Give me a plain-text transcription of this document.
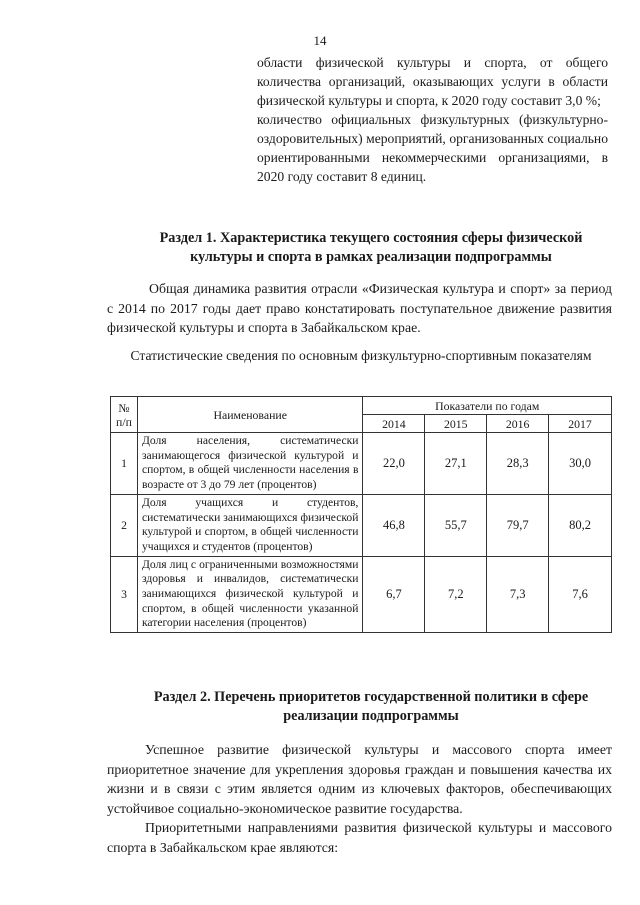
14

области физической культуры и спорта, от общего количества организаций, оказывающих услуги в области физической культуры и спорта, к 2020 году составит 3,0 %;

количество официальных физкультурных (физкультурно-оздоровительных) мероприятий, организованных социально ориентированными некоммерческими организациями, в 2020 году составит 8 единиц.

Раздел 1. Характеристика текущего состояния сферы физической культуры и спорта в рамках реализации подпрограммы
Общая динамика развития отрасли «Физическая культура и спорт» за период с 2014 по 2017 годы дает право констатировать поступательное движение развития физической культуры и спорта в Забайкальском крае.
Статистические сведения по основным физкультурно-спортивным показателям
№ п/п	Наименование	Показатели по годам			
		2014	2015	2016	2017
1	Доля населения, систематически занимающегося физической культурой и спортом, в общей численности населения в возрасте от 3 до 79 лет (процентов)	22,0	27,1	28,3	30,0
2	Доля учащихся и студентов, систематически занимающихся физической культурой и спортом, в общей численности учащихся и студентов (процентов)	46,8	55,7	79,7	80,2
3	Доля лиц с ограниченными возможностями здоровья и инвалидов, систематически занимающихся физической культурой и спортом, в общей численности указанной категории населения (процентов)	6,7	7,2	7,3	7,6
Раздел 2. Перечень приоритетов государственной политики в сфере реализации подпрограммы

Успешное развитие физической культуры и массового спорта имеет приоритетное значение для укрепления здоровья граждан и повышения качества их жизни и в связи с этим является одним из ключевых факторов, обеспечивающих устойчивое социально-экономическое развитие государства.

Приоритетными направлениями развития физической культуры и массового спорта в Забайкальском крае являются:
